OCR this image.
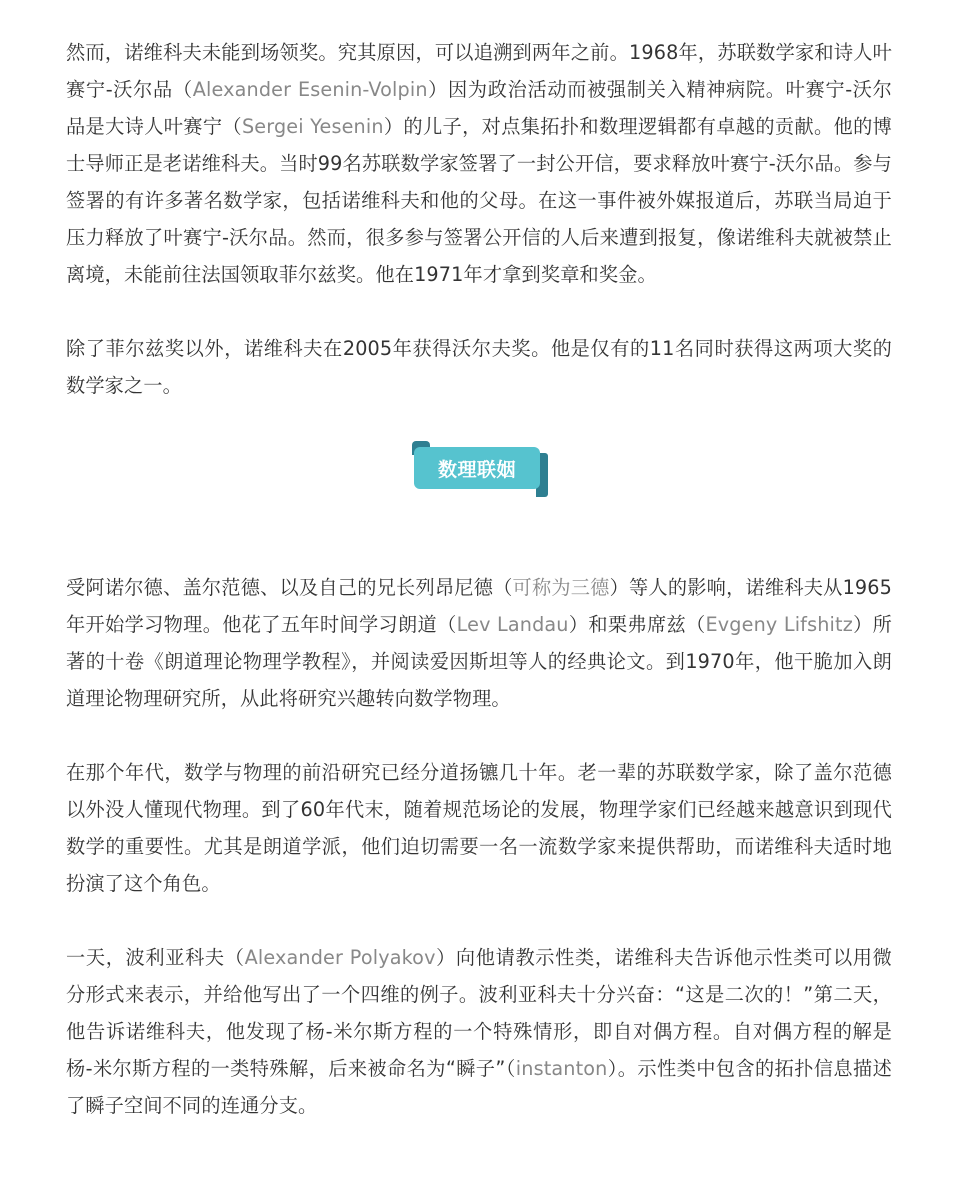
然而，诺维科夫未能到场领奖。究其原因，可以追溯到两年之前。1968年，苏联数学家和诗人叶赛宁-沃尔品（Alexander Esenin-Volpin）因为政治活动而被强制关入精神病院。叶赛宁-沃尔品是大诗人叶赛宁（Sergei Yesenin）的儿子，对点集拓扑和数理逻辑都有卓越的贡献。他的博士导师正是老诺维科夫。当时99名苏联数学家签署了一封公开信，要求释放叶赛宁-沃尔品。参与签署的有许多著名数学家，包括诺维科夫和他的父母。在这一事件被外媒报道后，苏联当局迫于压力释放了叶赛宁-沃尔品。然而，很多参与签署公开信的人后来遭到报复，像诺维科夫就被禁止离境，未能前往法国领取菲尔兹奖。他在1971年才拿到奖章和奖金。

除了菲尔兹奖以外，诺维科夫在2005年获得沃尔夫奖。他是仅有的11名同时获得这两项大奖的数学家之一。

数理联姻

受阿诺尔德、盖尔范德、以及自己的兄长列昂尼德（可称为三德）等人的影响，诺维科夫从1965年开始学习物理。他花了五年时间学习朗道（Lev Landau）和栗弗席兹（Evgeny Lifshitz）所著的十卷《朗道理论物理学教程》，并阅读爱因斯坦等人的经典论文。到1970年，他干脆加入朗道理论物理研究所，从此将研究兴趣转向数学物理。

在那个年代，数学与物理的前沿研究已经分道扬镳几十年。老一辈的苏联数学家，除了盖尔范德以外没人懂现代物理。到了60年代末，随着规范场论的发展，物理学家们已经越来越意识到现代数学的重要性。尤其是朗道学派，他们迫切需要一名一流数学家来提供帮助，而诺维科夫适时地扮演了这个角色。

一天，波利亚科夫（Alexander Polyakov）向他请教示性类，诺维科夫告诉他示性类可以用微分形式来表示，并给他写出了一个四维的例子。波利亚科夫十分兴奋：“这是二次的！”第二天，他告诉诺维科夫，他发现了杨-米尔斯方程的一个特殊情形，即自对偶方程。自对偶方程的解是杨-米尔斯方程的一类特殊解，后来被命名为“瞬子”（instanton）。示性类中包含的拓扑信息描述了瞬子空间不同的连通分支。
